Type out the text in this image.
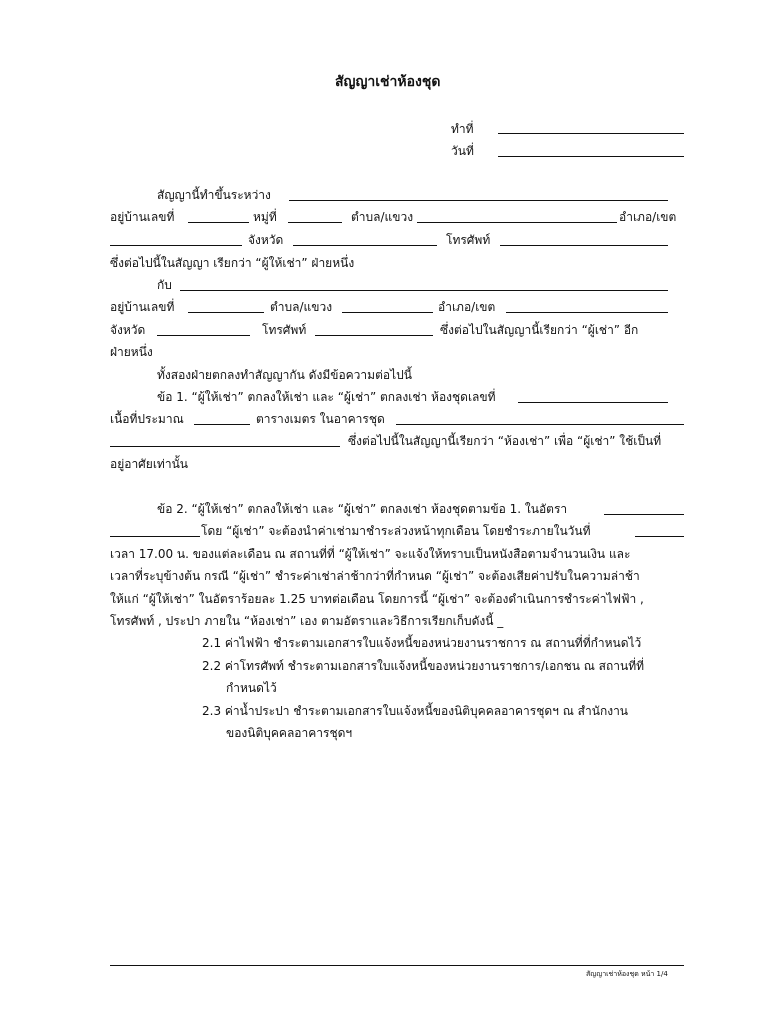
สัญญาเช่าห้องชุด
ทำที่
วันที่
สัญญานี้ทำขึ้นระหว่าง
อยู่บ้านเลขที่	หมู่ที่	ตำบล/แขวง	อำเภอ/เขต
จังหวัด	โทรศัพท์
ซึ่งต่อไปนี้ในสัญญา เรียกว่า “ผู้ให้เช่า” ฝ่ายหนึ่ง
กับ
อยู่บ้านเลขที่	ตำบล/แขวง	อำเภอ/เขต
จังหวัด	โทรศัพท์	ซึ่งต่อไปในสัญญานี้เรียกว่า “ผู้เช่า” อีก
ฝ่ายหนึ่ง
ทั้งสองฝ่ายตกลงทำสัญญากัน ดังมีข้อความต่อไปนี้
ข้อ 1. “ผู้ให้เช่า” ตกลงให้เช่า และ “ผู้เช่า” ตกลงเช่า ห้องชุดเลขที่
เนื้อที่ประมาณ	ตารางเมตร ในอาคารชุด
ซึ่งต่อไปนี้ในสัญญานี้เรียกว่า “ห้องเช่า” เพื่อ “ผู้เช่า” ใช้เป็นที่
อยู่อาศัยเท่านั้น
ข้อ 2. “ผู้ให้เช่า” ตกลงให้เช่า และ “ผู้เช่า” ตกลงเช่า ห้องชุดตามข้อ 1. ในอัตรา
โดย “ผู้เช่า” จะต้องนำค่าเช่ามาชำระล่วงหน้าทุกเดือน โดยชำระภายในวันที่
เวลา 17.00 น. ของแต่ละเดือน ณ สถานที่ที่ “ผู้ให้เช่า” จะแจ้งให้ทราบเป็นหนังสือตามจำนวนเงิน และ
เวลาที่ระบุข้างต้น กรณี “ผู้เช่า” ชำระค่าเช่าล่าช้ากว่าที่กำหนด “ผู้เช่า” จะต้องเสียค่าปรับในความล่าช้า
ให้แก่ “ผู้ให้เช่า” ในอัตราร้อยละ 1.25 บาทต่อเดือน โดยการนี้ “ผู้เช่า” จะต้องดำเนินการชำระค่าไฟฟ้า ,
โทรศัพท์ , ประปา ภายใน “ห้องเช่า” เอง ตามอัตราและวิธีการเรียกเก็บดังนี้ _
2.1 ค่าไฟฟ้า ชำระตามเอกสารใบแจ้งหนี้ของหน่วยงานราชการ ณ สถานที่ที่กำหนดไว้
2.2 ค่าโทรศัพท์ ชำระตามเอกสารใบแจ้งหนี้ของหน่วยงานราชการ/เอกชน ณ สถานที่ที่
กำหนดไว้
2.3 ค่าน้ำประปา ชำระตามเอกสารใบแจ้งหนี้ของนิติบุคคลอาคารชุดฯ ณ สำนักงาน
ของนิติบุคคลอาคารชุดฯ
สัญญาเช่าห้องชุด หน้า 1/4
